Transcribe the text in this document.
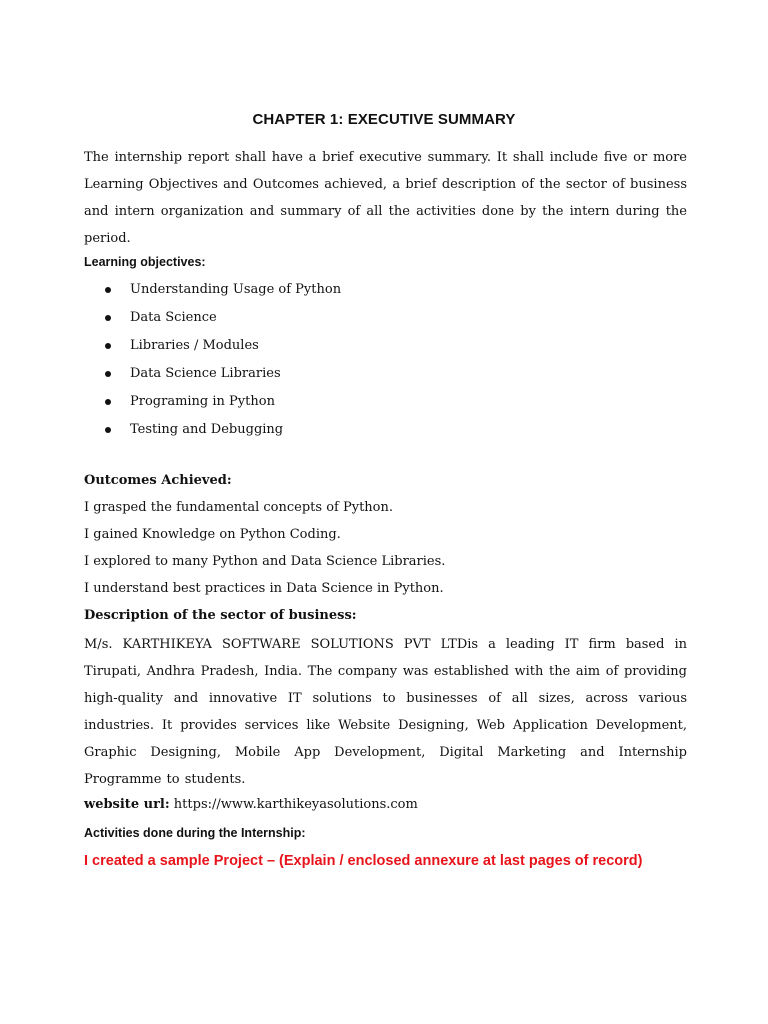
CHAPTER 1: EXECUTIVE SUMMARY
The internship report shall have a brief executive summary. It shall include five or more Learning Objectives and Outcomes achieved, a brief description of the sector of business and intern organization and summary of all the activities done by the intern during the period.
Learning objectives:
Understanding Usage of Python
Data Science
Libraries / Modules
Data Science Libraries
Programing in Python
Testing and Debugging
Outcomes Achieved:
I grasped the fundamental concepts of Python.
I gained Knowledge on Python Coding.
I explored to many Python and Data Science Libraries.
I understand best practices in Data Science in Python.
Description of the sector of business:
M/s. KARTHIKEYA SOFTWARE SOLUTIONS PVT LTDis a leading IT firm based in Tirupati, Andhra Pradesh, India. The company was established with the aim of providing high-quality and innovative IT solutions to businesses of all sizes, across various industries. It provides services like Website Designing, Web Application Development, Graphic Designing, Mobile App Development, Digital Marketing and Internship Programme to students.
website url: https://www.karthikeyasolutions.com
Activities done during the Internship:
I created a sample Project – (Explain / enclosed annexure at last pages of record)
